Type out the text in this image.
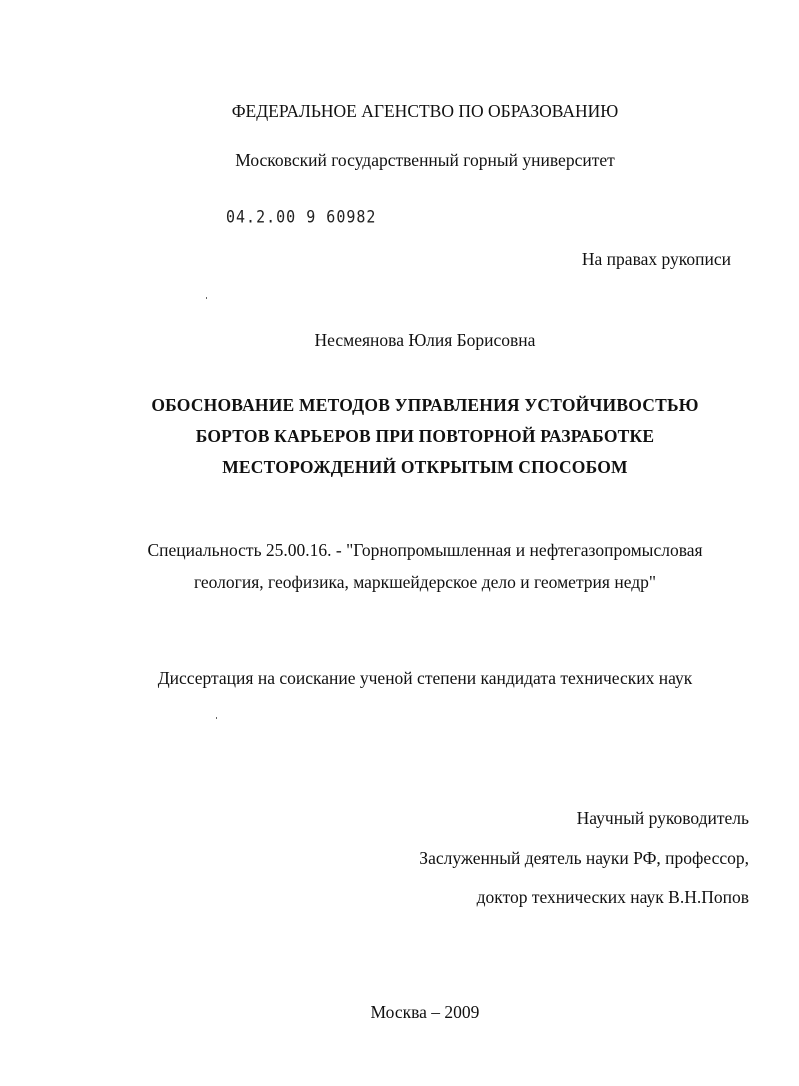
ФЕДЕРАЛЬНОЕ АГЕНСТВО ПО ОБРАЗОВАНИЮ
Московский государственный горный университет
04.2.00 9 60982
На правах рукописи
Несмеянова Юлия Борисовна
ОБОСНОВАНИЕ МЕТОДОВ УПРАВЛЕНИЯ УСТОЙЧИВОСТЬЮ
БОРТОВ КАРЬЕРОВ ПРИ ПОВТОРНОЙ РАЗРАБОТКЕ
МЕСТОРОЖДЕНИЙ ОТКРЫТЫМ СПОСОБОМ
Специальность 25.00.16. - "Горнопромышленная и нефтегазопромысловая
геология, геофизика, маркшейдерское дело и геометрия недр"
Диссертация на соискание ученой степени кандидата технических наук
Научный руководитель
Заслуженный деятель науки РФ, профессор,
доктор технических наук В.Н.Попов
Москва – 2009
